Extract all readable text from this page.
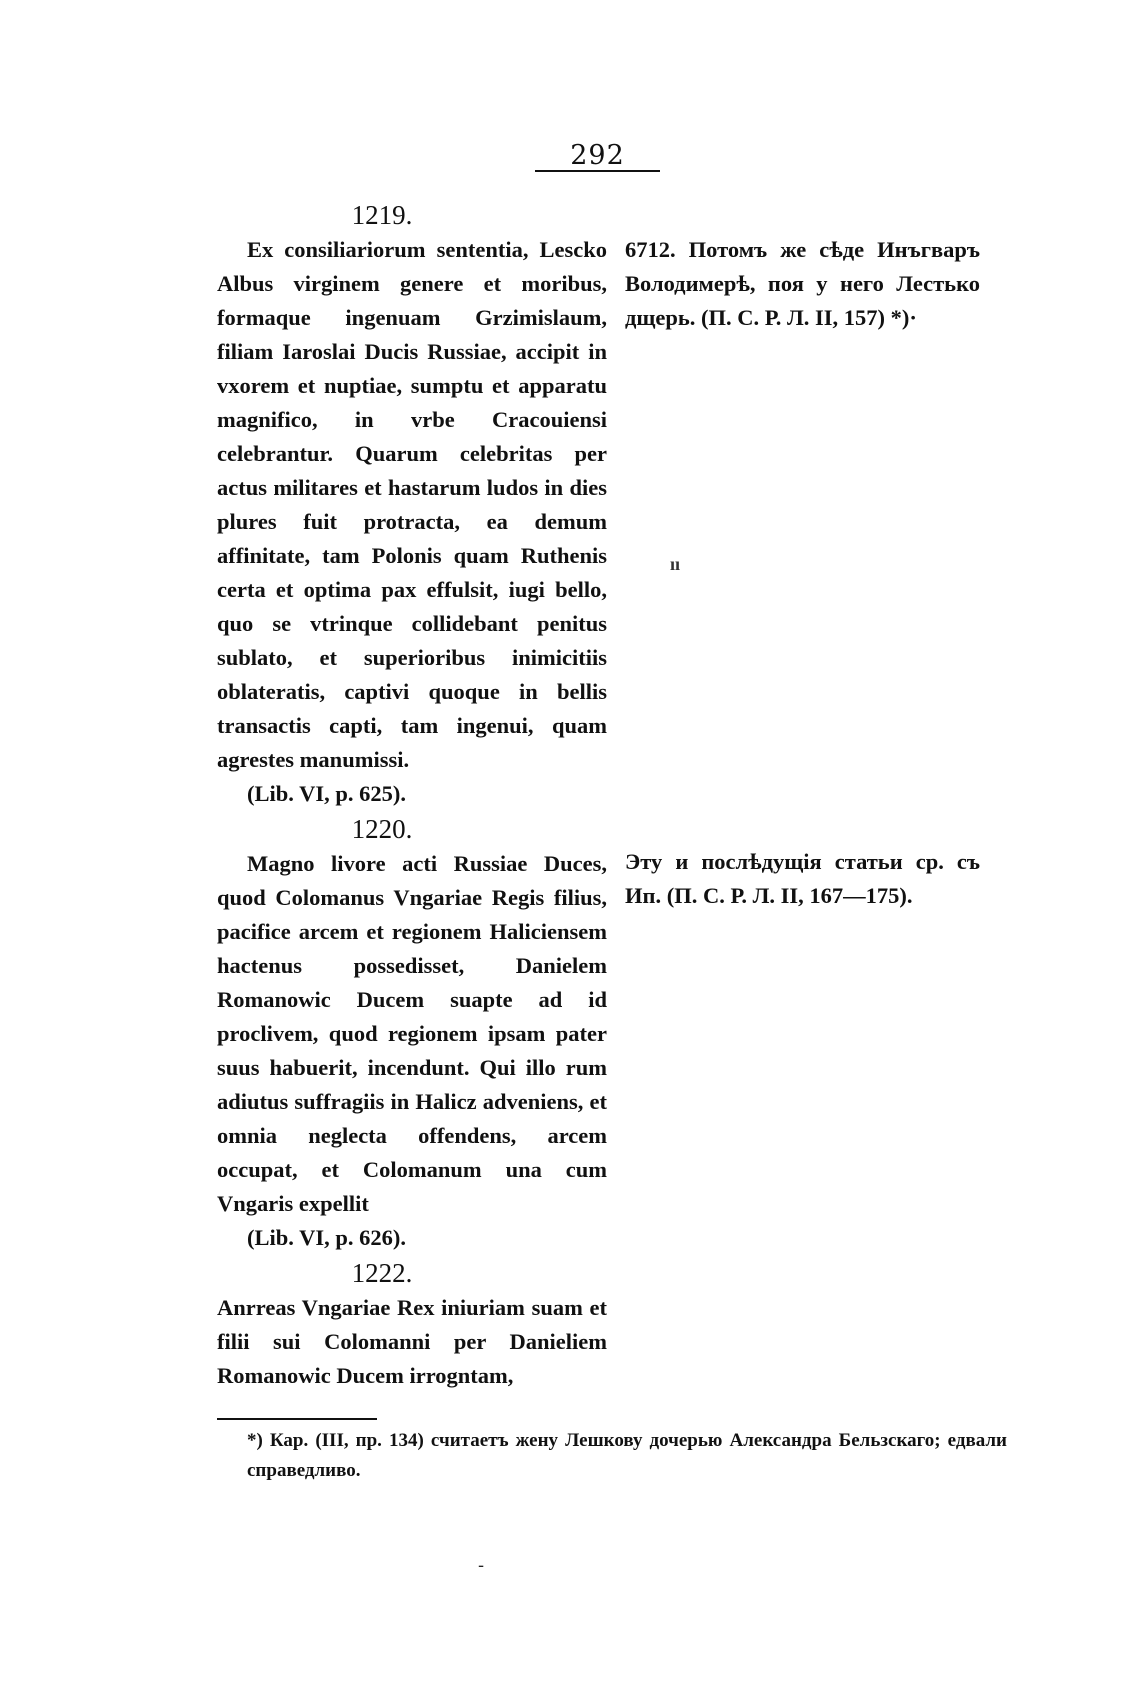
292
1219.

Ex consiliariorum sententia, Lescko Albus virginem genere et moribus, formaque ingenuam Grzimislaum, filiam Iaroslai Ducis Russiae, accipit in vxorem et nuptiae, sumptu et apparatu magnifico, in vrbe Cracouiensi celebrantur. Quarum celebritas per actus militares et hastarum ludos in dies plures fuit protracta, ea demum affinitate, tam Polonis quam Ruthenis certa et optima pax effulsit, iugi bello, quo se vtrinque collidebant penitus sublato, et superioribus inimicitiis oblateratis, captivi quoque in bellis transactis capti, tam ingenui, quam agrestes manumissi.

(Lib. VI, p. 625).

1220.

Magno livore acti Russiae Duces, quod Colomanus Vngariae Regis filius, pacifice arcem et regionem Haliciensem hactenus possedisset, Danielem Romanowic Ducem suapte ad id proclivem, quod regionem ipsam pater suus habuerit, incendunt. Qui illo rum adiutus suffragiis in Halicz adveniens, et omnia neglecta offendens, arcem occupat, et Colomanum una cum Vngaris expellit

(Lib. VI, p. 626).

1222.

Anrreas Vngariae Rex iniuriam suam et filii sui Colomanni per Danieliem Romanowic Ducem irrogntam,

6712. Потомъ же сѣде Инъгваръ Володимерѣ, поя у него Лестько дщерь. (П. С. Р. Л. II, 157) *)·
ıı
Эту и послѣдущія статьи ср. съ Ип. (П. С. Р. Л. II, 167—175).
*) Кар. (III, пр. 134) считаетъ жену Лешкову дочерью Александра Бельзскаго; едвали справедливо.
-
